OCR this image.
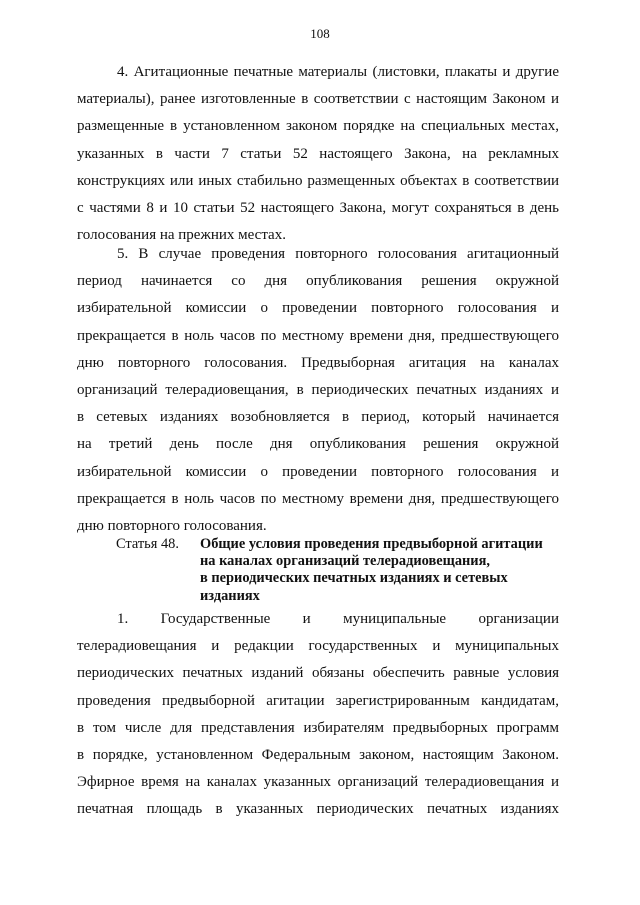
108
4. Агитационные печатные материалы (листовки, плакаты и другие
материалы), ранее изготовленные в соответствии с настоящим Законом и
размещенные в установленном законом порядке на специальных местах,
указанных в части 7 статьи 52 настоящего Закона, на рекламных
конструкциях или иных стабильно размещенных объектах в соответствии
с частями 8 и 10 статьи 52 настоящего Закона, могут сохраняться в день
голосования на прежних местах.
5. В случае проведения повторного голосования агитационный
период начинается со дня опубликования решения окружной
избирательной комиссии о проведении повторного голосования и
прекращается в ноль часов по местному времени дня, предшествующего
дню повторного голосования. Предвыборная агитация на каналах
организаций телерадиовещания, в периодических печатных изданиях и
в сетевых изданиях возобновляется в период, который начинается
на третий день после дня опубликования решения окружной
избирательной комиссии о проведении повторного голосования и
прекращается в ноль часов по местному времени дня, предшествующего
дню повторного голосования.
Статья 48. Общие условия проведения предвыборной агитации
на каналах организаций телерадиовещания,
в периодических печатных изданиях и сетевых
изданиях
1. Государственные и муниципальные организации
телерадиовещания и редакции государственных и муниципальных
периодических печатных изданий обязаны обеспечить равные условия
проведения предвыборной агитации зарегистрированным кандидатам,
в том числе для представления избирателям предвыборных программ
в порядке, установленном Федеральным законом, настоящим Законом.
Эфирное время на каналах указанных организаций телерадиовещания и
печатная площадь в указанных периодических печатных изданиях
